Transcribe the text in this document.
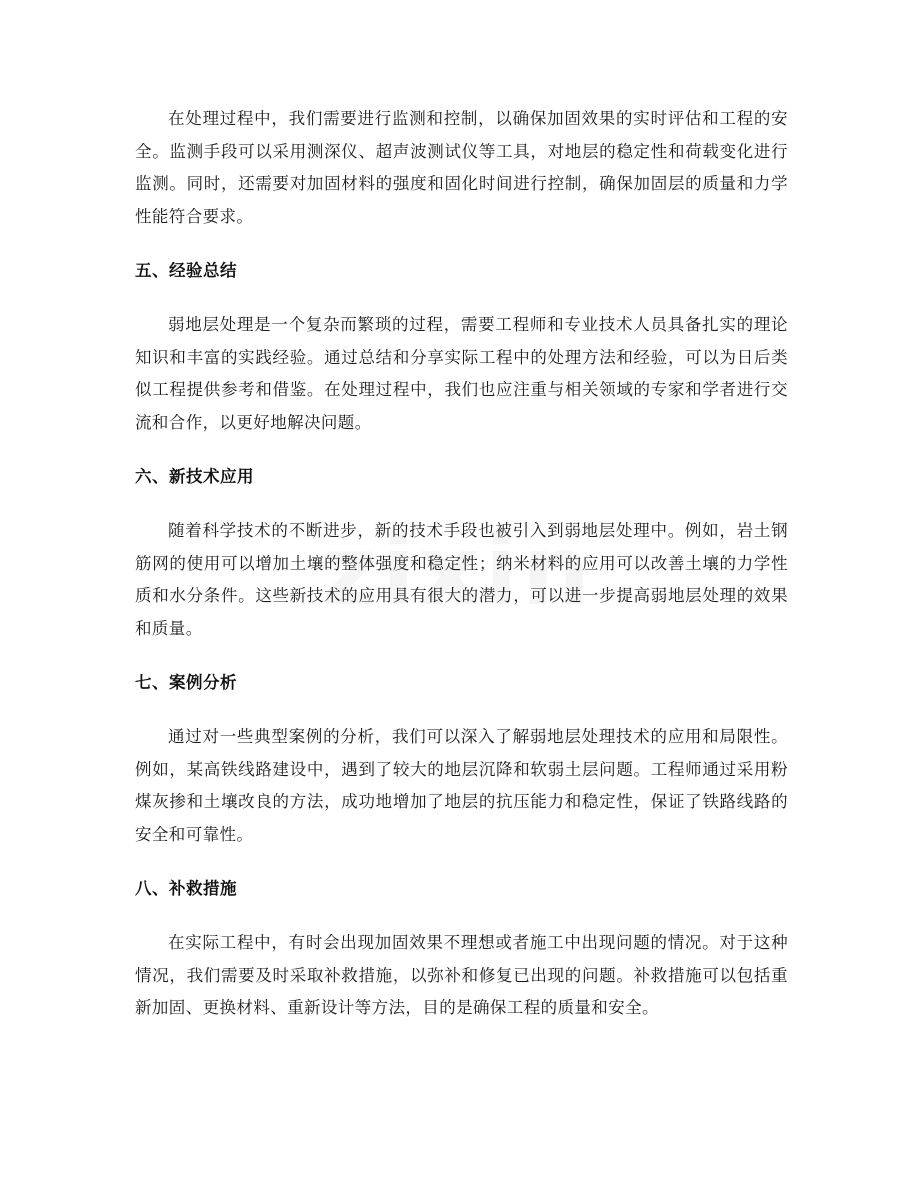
在处理过程中，我们需要进行监测和控制，以确保加固效果的实时评估和工程的安全。监测手段可以采用测深仪、超声波测试仪等工具，对地层的稳定性和荷载变化进行监测。同时，还需要对加固材料的强度和固化时间进行控制，确保加固层的质量和力学性能符合要求。

五、经验总结

弱地层处理是一个复杂而繁琐的过程，需要工程师和专业技术人员具备扎实的理论知识和丰富的实践经验。通过总结和分享实际工程中的处理方法和经验，可以为日后类似工程提供参考和借鉴。在处理过程中，我们也应注重与相关领域的专家和学者进行交流和合作，以更好地解决问题。

六、新技术应用

随着科学技术的不断进步，新的技术手段也被引入到弱地层处理中。例如，岩土钢筋网的使用可以增加土壤的整体强度和稳定性；纳米材料的应用可以改善土壤的力学性质和水分条件。这些新技术的应用具有很大的潜力，可以进一步提高弱地层处理的效果和质量。

七、案例分析

通过对一些典型案例的分析，我们可以深入了解弱地层处理技术的应用和局限性。例如，某高铁线路建设中，遇到了较大的地层沉降和软弱土层问题。工程师通过采用粉煤灰掺和土壤改良的方法，成功地增加了地层的抗压能力和稳定性，保证了铁路线路的安全和可靠性。

八、补救措施

在实际工程中，有时会出现加固效果不理想或者施工中出现问题的情况。对于这种情况，我们需要及时采取补救措施，以弥补和修复已出现的问题。补救措施可以包括重新加固、更换材料、重新设计等方法，目的是确保工程的质量和安全。
